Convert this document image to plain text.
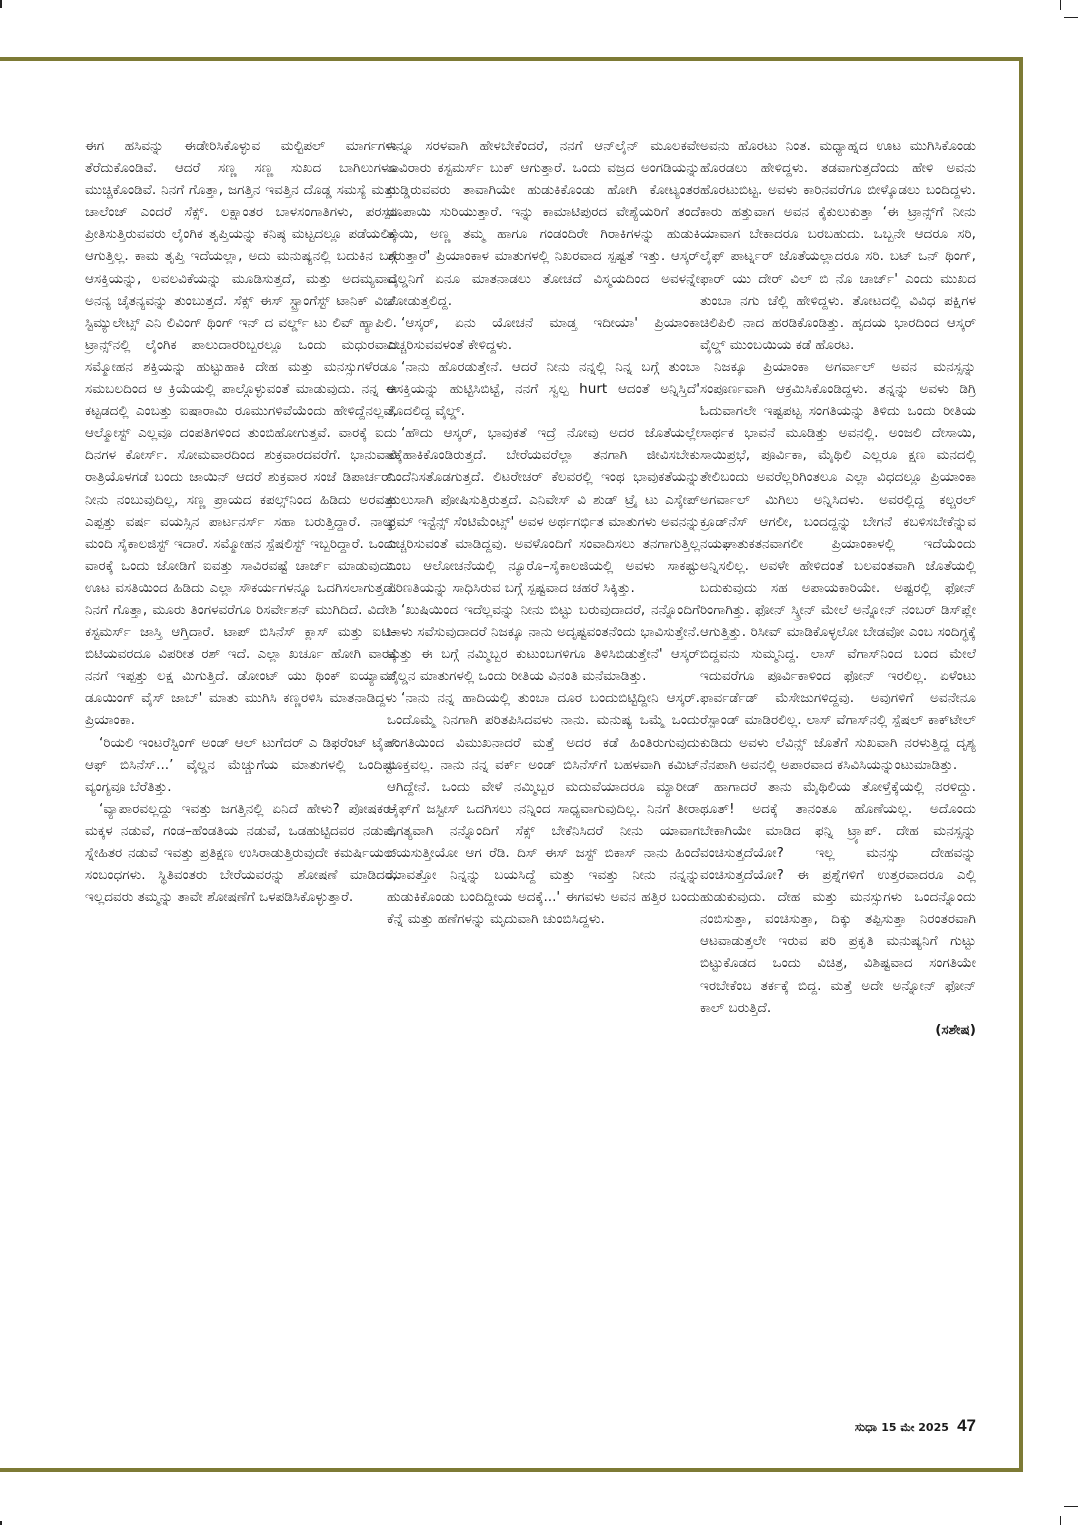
ಈಗ ಹಸಿವನ್ನು ಈಡೇರಿಸಿಕೊಳ್ಳುವ ಮಲ್ಟಿಪಲ್ ಮಾರ್ಗಗಳು ತೆರೆದುಕೊಂಡಿವೆ. ಆದರೆ ಸಣ್ಣ ಸಣ್ಣ ಸುಖದ ಬಾಗಿಲುಗಳೂ ಮುಚ್ಚಿಕೊಂಡಿವೆ. ನಿನಗೆ ಗೊತ್ತಾ, ಜಗತ್ತಿನ ಇವತ್ತಿನ ದೊಡ್ಡ ಸಮಸ್ಯೆ ಮತ್ತು ಚಾಲೆಂಜ್ ಎಂದರೆ ಸೆಕ್ಸ್. ಲಕ್ಷಾಂತರ ಬಾಳಸಂಗಾತಿಗಳು, ಪರಸ್ಪರ ಪ್ರೀತಿಸುತ್ತಿರುವವರು ಲೈಂಗಿಕ ತೃಪ್ತಿಯನ್ನು ಕನಿಷ್ಠ ಮಟ್ಟದಲ್ಲೂ ಪಡೆಯಲಿಕ್ಕೆ ಆಗುತ್ತಿಲ್ಲ. ಕಾಮ ತೃಪ್ತಿ ಇದೆಯಲ್ಲಾ, ಅದು ಮನುಷ್ಯನಲ್ಲಿ ಬದುಕಿನ ಬಗ್ಗೆ ಆಸಕ್ತಿಯನ್ನು, ಲವಲವಿಕೆಯನ್ನು ಮೂಡಿಸುತ್ತದೆ, ಮತ್ತು ಅದಮ್ಯವಾದ ಅನನ್ಯ ಚೈತನ್ಯವನ್ನು ತುಂಬುತ್ತದೆ. ಸೆಕ್ಸ್ ಈಸ್ ಸ್ಟ್ರಾಂಗೆಸ್ಟ್ ಟಾನಿಕ್ ವಿಚ್ ಸ್ಟಿಮ್ಯುಲೇಟ್ಸ್ ಎನಿ ಲಿವಿಂಗ್ ಥಿಂಗ್ ಇನ್ ದ ವರ್ಲ್ಡ್ ಟು ಲಿವ್ ಹ್ಯಾಪಿಲಿ. ಟ್ರಾನ್ಸ್‌ನಲ್ಲಿ ಲೈಂಗಿಕ ಪಾಲುದಾರರಿಬ್ಬರಲ್ಲೂ ಒಂದು ಮಧುರವಾದ ಸಮ್ಮೋಹನ ಶಕ್ತಿಯನ್ನು ಹುಟ್ಟುಹಾಕಿ ದೇಹ ಮತ್ತು ಮನಸ್ಸುಗಳೆರಡೂ ಸಮಬಲದಿಂದ ಆ ಕ್ರಿಯೆಯಲ್ಲಿ ಪಾಲ್ಗೊಳ್ಳುವಂತೆ ಮಾಡುವುದು. ನನ್ನ ಈ ಕಟ್ಟಡದಲ್ಲಿ ಎಂಬತ್ತು ಐಷಾರಾಮಿ ರೂಮುಗಳಿವೆಯೆಂದು ಹೇಳಿದ್ದೆನಲ್ಲವೆ, ಆಲ್ಮೋಸ್ಟ್ ಎಲ್ಲವೂ ದಂಪತಿಗಳಿಂದ ತುಂಬಿಹೋಗುತ್ತವೆ. ವಾರಕ್ಕೆ ಐದು ದಿನಗಳ ಕೋರ್ಸ್. ಸೋಮವಾರದಿಂದ ಶುಕ್ರವಾರದವರೆಗೆ. ಭಾನುವಾರ ರಾತ್ರಿಯೊಳಗಡೆ ಬಂದು ಜಾಯಿನ್ ಆದರೆ ಶುಕ್ರವಾರ ಸಂಜೆ ಡಿಪಾರ್ಚರ್. ನೀನು ನಂಬುವುದಿಲ್ಲ, ಸಣ್ಣ ಪ್ರಾಯದ ಕಪಲ್ಸ್‌ನಿಂದ ಹಿಡಿದು ಅರವತ್ತು ಎಪ್ಪತ್ತು ವರ್ಷ ವಯಸ್ಸಿನ ಪಾರ್ಟನರ್ಸ್ ಸಹಾ ಬರುತ್ತಿದ್ದಾರೆ. ನಾಲ್ಕು ಮಂದಿ ಸೈಕಾಲಜಿಸ್ಟ್ ಇದಾರೆ. ಸಮ್ಮೋಹನ ಸ್ಪೆಷಲಿಸ್ಟ್ ಇಬ್ಬರಿದ್ದಾರೆ. ಒಂದು ವಾರಕ್ಕೆ ಒಂದು ಜೋಡಿಗೆ ಐವತ್ತು ಸಾವಿರವಷ್ಟೆ ಚಾರ್ಜ್ ಮಾಡುವುದು. ಊಟ ವಸತಿಯಿಂದ ಹಿಡಿದು ಎಲ್ಲಾ ಸೌಕರ್ಯಗಳನ್ನೂ ಒದಗಿಸಲಾಗುತ್ತದೆ. ನಿನಗೆ ಗೊತ್ತಾ, ಮೂರು ತಿಂಗಳವರೆಗೂ ರಿಸರ್ವೇಶನ್ ಮುಗಿದಿದೆ. ವಿದೇಶಿ ಕಸ್ಟಮರ್ಸ್ ಜಾಸ್ತಿ ಆಗ್ತಿದಾರೆ. ಟಾಪ್ ಬಿಸಿನೆಸ್ ಕ್ಲಾಸ್ ಮತ್ತು ಐಟಿ–ಬಿಟಿಯವರದೂ ವಿಪರೀತ ರಶ್ ಇದೆ. ಎಲ್ಲಾ ಖರ್ಚೂ ಹೋಗಿ ವಾರಕ್ಕೆ ನನಗೆ ಇಪ್ಪತ್ತು ಲಕ್ಷ ಮಿಗುತ್ತಿದೆ. ಡೋಂಟ್ ಯು ಥಿಂಕ್ ಐಯ್ಯಾಮ್ ಡೂಯಿಂಗ್ ವೈಸ್ ಜಾಬ್' ಮಾತು ಮುಗಿಸಿ ಕಣ್ಣರಳಿಸಿ ಮಾತನಾಡಿದ್ದಳು ಪ್ರಿಯಾಂಕಾ.

‘ರಿಯಲಿ ಇಂಟರೆಸ್ಟಿಂಗ್ ಅಂಡ್ ಆಲ್ ಟುಗೆದರ್ ಎ ಡಿಫರೆಂಟ್ ಟೈಪ್ ಆಫ್ ಬಿಸಿನೆಸ್...’ ವೈಲ್ಡನ ಮೆಚ್ಚುಗೆಯ ಮಾತುಗಳಲ್ಲಿ ಒಂದಿಷ್ಟು ವ್ಯಂಗ್ಯವೂ ಬೆರೆತಿತ್ತು.

‘ವ್ಯಾಪಾರವಲ್ಲದ್ದು ಇವತ್ತು ಜಗತ್ತಿನಲ್ಲಿ ಏನಿದೆ ಹೇಳು? ಪೋಷಕರ–ಮಕ್ಕಳ ನಡುವೆ, ಗಂಡ–ಹೆಂಡತಿಯ ನಡುವೆ, ಒಡಹುಟ್ಟಿದವರ ನಡುವೆ, ಸ್ನೇಹಿತರ ನಡುವೆ ಇವತ್ತು ಪ್ರತಿಕ್ಷಣ ಉಸಿರಾಡುತ್ತಿರುವುದೇ ಕಮರ್ಷಿಯಲ್ ಸಂಬಂಧಗಳು. ಸ್ಥಿತಿವಂತರು ಬೇರೆಯವರನ್ನು ಶೋಷಣೆ ಮಾಡಿದರೆ, ಇಲ್ಲದವರು ತಮ್ಮನ್ನು ತಾವೇ ಶೋಷಣೆಗೆ ಒಳಪಡಿಸಿಕೊಳ್ಳುತ್ತಾರೆ.

ಇನ್ನೂ ಸರಳವಾಗಿ ಹೇಳಬೇಕೆಂದರೆ, ನನಗೆ ಆನ್‌ಲೈನ್ ಮೂಲಕವೇ ಸಾವಿರಾರು ಕಸ್ಟಮರ್ಸ್ ಬುಕ್ ಆಗುತ್ತಾರೆ. ಒಂದು ವಜ್ರದ ಅಂಗಡಿಯನ್ನು ದುಡ್ಡಿರುವವರು ತಾವಾಗಿಯೇ ಹುಡುಕಿಕೊಂಡು ಹೋಗಿ ಕೋಟ್ಯಂತರ ರೂಪಾಯಿ ಸುರಿಯುತ್ತಾರೆ. ಇನ್ನು ಕಾಮಾಟಿಪುರದ ವೇಶ್ಯೆಯರಿಗೆ ತಂದೆ ತಾಯಿ, ಅಣ್ಣ ತಮ್ಮ ಹಾಗೂ ಗಂಡಂದಿರೇ ಗಿರಾಕಿಗಳನ್ನು ಹುಡುಕಿ ತರುತ್ತಾರೆ' ಪ್ರಿಯಾಂಕಾಳ ಮಾತುಗಳಲ್ಲಿ ನಿಖರವಾದ ಸ್ಪಷ್ಟತೆ ಇತ್ತು. ಆಸ್ಕರ್ ವೈಲ್ಡನಿಗೆ ಏನೂ ಮಾತನಾಡಲು ತೋಚದೆ ವಿಸ್ಮಯದಿಂದ ಅವಳನ್ನೇ ನೋಡುತ್ತಲಿದ್ದ.

‘ಆಸ್ಕರ್, ಏನು ಯೋಚನೆ ಮಾಡ್ತ ಇದೀಯಾ' ಪ್ರಿಯಾಂಕಾ ಎಚ್ಚರಿಸುವವಳಂತೆ ಕೇಳಿದ್ದಳು.

‘ನಾನು ಹೊರಡುತ್ತೇನೆ. ಆದರೆ ನೀನು ನನ್ನಲ್ಲಿ ನಿನ್ನ ಬಗ್ಗೆ ತುಂಬಾ ಆಸಕ್ತಿಯನ್ನು ಹುಟ್ಟಿಸಿಬಿಟ್ಟೆ, ನನಗೆ ಸ್ವಲ್ಪ hurt ಆದಂತೆ ಅನ್ನಿಸ್ತಿದೆ' ತೊದಲಿದ್ದ ವೈಲ್ಡ್.

‘ಹೌದು ಆಸ್ಕರ್, ಭಾವುಕತೆ ಇದ್ರೆ ನೋವು ಅದರ ಜೊತೆಯಲ್ಲೇ ತೆಕ್ಕೆಹಾಕಿಕೊಂಡಿರುತ್ತದೆ. ಬೇರೆಯವರೆಲ್ಲಾ ತನಗಾಗಿ ಜೀವಿಸಬೇಕು ಎಂದೆನಿಸತೊಡಗುತ್ತದೆ. ಲಿಟರೇಚರ್ ಕೆಲವರಲ್ಲಿ ಇಂಥ ಭಾವುಕತೆಯನ್ನು ಹುಲುಸಾಗಿ ಪೋಷಿಸುತ್ತಿರುತ್ತದೆ. ಎನಿವೇಸ್ ವಿ ಶುಡ್ ಟ್ರೈ ಟು ಎಸ್ಕೇಪ್ ಫ್ರಮ್ ಇನ್ಟೆನ್ಸ್ ಸೆಂಟಿಮೆಂಟ್ಸ್' ಅವಳ ಅರ್ಥಗರ್ಭಿತ ಮಾತುಗಳು ಅವನನ್ನು ಎಚ್ಚರಿಸುವಂತೆ ಮಾಡಿದ್ದವು. ಅವಳೊಂದಿಗೆ ಸಂವಾದಿಸಲು ತನಗಾಗುತ್ತಿಲ್ಲ ಎಂಬ ಆಲೋಚನೆಯಲ್ಲಿ ನ್ಯೂರೊ–ಸೈಕಾಲಜಿಯಲ್ಲಿ ಅವಳು ಸಾಕಷ್ಟು ಪರಿಣತಿಯನ್ನು ಸಾಧಿಸಿರುವ ಬಗ್ಗೆ ಸ್ಪಷ್ಟವಾದ ಚಹರೆ ಸಿಕ್ಕಿತ್ತು.

‘ಖುಷಿಯಿಂದ ಇದೆಲ್ಲವನ್ನು ನೀನು ಬಿಟ್ಟು ಬರುವುದಾದರೆ, ನನ್ನೊಂದಿಗೆ ಬಾಳು ಸವೆಸುವುದಾದರೆ ನಿಜಕ್ಕೂ ನಾನು ಅದೃಷ್ಟವಂತನೆಂದು ಭಾವಿಸುತ್ತೇನೆ. ಮತ್ತು ಈ ಬಗ್ಗೆ ನಮ್ಮಿಬ್ಬರ ಕುಟುಂಬಗಳಿಗೂ ತಿಳಿಸಿಬಿಡುತ್ತೇನೆ' ಆಸ್ಕರ್ ವೈಲ್ಡನ ಮಾತುಗಳಲ್ಲಿ ಒಂದು ರೀತಿಯ ವಿನಂತಿ ಮನೆಮಾಡಿತ್ತು.

‘ನಾನು ನನ್ನ ಹಾದಿಯಲ್ಲಿ ತುಂಬಾ ದೂರ ಬಂದುಬಿಟ್ಟಿದ್ದೀನಿ ಆಸ್ಕರ್. ಒಂದೊಮ್ಮೆ ನಿನಗಾಗಿ ಪರಿತಪಿಸಿದವಳು ನಾನು. ಮನುಷ್ಯ ಒಮ್ಮೆ ಒಂದು ಸಂಗತಿಯಿಂದ ವಿಮುಖನಾದರೆ ಮತ್ತೆ ಅದರ ಕಡೆ ಹಿಂತಿರುಗುವುದು ಸೂಕ್ತವಲ್ಲ. ನಾನು ನನ್ನ ವರ್ಕ್ ಅಂಡ್ ಬಿಸಿನೆಸ್‌ಗೆ ಬಹಳವಾಗಿ ಕಮಿಟ್ ಆಗಿದ್ದೇನೆ. ಒಂದು ವೇಳೆ ನಮ್ಮಿಬ್ಬರ ಮದುವೆಯಾದರೂ ಮ್ಯಾರೀಡ್ ಲೈಫ್‌ಗೆ ಜಸ್ಟೀಸ್ ಒದಗಿಸಲು ನನ್ನಿಂದ ಸಾಧ್ಯವಾಗುವುದಿಲ್ಲ. ನಿನಗೆ ತೀರಾ ಅಗತ್ಯವಾಗಿ ನನ್ನೊಂದಿಗೆ ಸೆಕ್ಸ್ ಬೇಕೆನಿಸಿದರೆ ನೀನು ಯಾವಾಗ ಬಯಸುತ್ತೀಯೋ ಆಗ ರೆಡಿ. ದಿಸ್ ಈಸ್ ಜಸ್ಟ್ ಬಿಕಾಸ್ ನಾನು ಹಿಂದೆ ಯಾವತ್ತೋ ನಿನ್ನನ್ನು ಬಯಸಿದ್ದೆ ಮತ್ತು ಇವತ್ತು ನೀನು ನನ್ನನ್ನು ಹುಡುಕಿಕೊಂಡು ಬಂದಿದ್ದೀಯ ಅದಕ್ಕೆ...' ಈಗವಳು ಅವನ ಹತ್ತಿರ ಬಂದು ಕೆನ್ನೆ ಮತ್ತು ಹಣೆಗಳನ್ನು ಮೃದುವಾಗಿ ಚುಂಬಿಸಿದ್ದಳು.

ಅವನು ಹೊರಟು ನಿಂತ. ಮಧ್ಯಾಹ್ನದ ಊಟ ಮುಗಿಸಿಕೊಂಡು ಹೊರಡಲು ಹೇಳಿದ್ದಳು. ತಡವಾಗುತ್ತದೆಂದು ಹೇಳಿ ಅವನು ಹೊರಟುಬಿಟ್ಟ. ಅವಳು ಕಾರಿನವರೆಗೂ ಬೀಳ್ಕೊಡಲು ಬಂದಿದ್ದಳು. ಕಾರು ಹತ್ತುವಾಗ ಅವನ ಕೈಕುಲುಕುತ್ತಾ ‘ಈ ಟ್ರಾನ್ಸ್‌ಗೆ ನೀನು ಯಾವಾಗ ಬೇಕಾದರೂ ಬರಬಹುದು. ಒಬ್ಬನೇ ಆದರೂ ಸರಿ, ಲೈಫ್ ಪಾರ್ಟ್ನರ್ ಜೊತೆಯಲ್ಲಾದರೂ ಸರಿ. ಬಟ್ ಒನ್ ಥಿಂಗ್, ಫಾರ್ ಯು ದೇರ್ ವಿಲ್ ಬಿ ನೊ ಚಾರ್ಜ್' ಎಂದು ಮುಖದ ತುಂಬಾ ನಗು ಚೆಲ್ಲಿ ಹೇಳಿದ್ದಳು. ತೋಟದಲ್ಲಿ ವಿವಿಧ ಪಕ್ಷಿಗಳ ಚಿಲಿಪಿಲಿ ನಾದ ಹರಡಿಕೊಂಡಿತ್ತು. ಹೃದಯ ಭಾರದಿಂದ ಆಸ್ಕರ್ ವೈಲ್ಡ್ ಮುಂಬಯಿಯ ಕಡೆ ಹೊರಟ.

ನಿಜಕ್ಕೂ ಪ್ರಿಯಾಂಕಾ ಅಗರ್ವಾಲ್ ಅವನ ಮನಸ್ಸನ್ನು ಸಂಪೂರ್ಣವಾಗಿ ಆಕ್ರಮಿಸಿಕೊಂಡಿದ್ದಳು. ತನ್ನನ್ನು ಅವಳು ಡಿಗ್ರಿ ಓದುವಾಗಲೇ ಇಷ್ಟಪಟ್ಟ ಸಂಗತಿಯನ್ನು ತಿಳಿದು ಒಂದು ರೀತಿಯ ಸಾರ್ಥಕ ಭಾವನೆ ಮೂಡಿತ್ತು ಅವನಲ್ಲಿ. ಅಂಜಲಿ ದೇಸಾಯಿ, ಸಾಯಿಪ್ರಭೆ, ಪೂರ್ವಿಕಾ, ಮೈಥಿಲಿ ಎಲ್ಲರೂ ಕ್ಷಣ ಮನದಲ್ಲಿ ತೇಲಿಬಂದು ಅವರೆಲ್ಲರಿಗಿಂತಲೂ ಎಲ್ಲಾ ವಿಧದಲ್ಲೂ ಪ್ರಿಯಾಂಕಾ ಅಗರ್ವಾಲ್ ಮಿಗಿಲು ಅನ್ನಿಸಿದಳು. ಅವರಲ್ಲಿದ್ದ ಕಲ್ಚರಲ್ ಕ್ರೂಡ್‌ನೆಸ್ ಆಗಲೀ, ಬಂದದ್ದನ್ನು ಬೇಗನೆ ಕಬಳಿಸಬೇಕೆನ್ನುವ ನಯಘಾತುಕತನವಾಗಲೀ ಪ್ರಿಯಾಂಕಾಳಲ್ಲಿ ಇದೆಯೆಂದು ಅನ್ನಿಸಲಿಲ್ಲ. ಅವಳೇ ಹೇಳಿದಂತೆ ಬಲವಂತವಾಗಿ ಜೊತೆಯಲ್ಲಿ ಬದುಕುವುದು ಸಹ ಅಪಾಯಕಾರಿಯೇ. ಅಷ್ಟರಲ್ಲಿ ಫೋನ್ ರಿಂಗಾಗಿತ್ತು. ಫೋನ್ ಸ್ಕ್ರೀನ್ ಮೇಲೆ ಅನ್ನೋನ್ ನಂಬರ್ ಡಿಸ್‌ಪ್ಲೇ ಆಗುತ್ತಿತ್ತು. ರಿಸೀವ್ ಮಾಡಿಕೊಳ್ಳಲೋ ಬೇಡವೋ ಎಂಬ ಸಂದಿಗ್ಧಕ್ಕೆ ಬಿದ್ದವನು ಸುಮ್ಮನಿದ್ದ. ಲಾಸ್ ವೆಗಾಸ್‌ನಿಂದ ಬಂದ ಮೇಲೆ ಇದುವರೆಗೂ ಪೂರ್ವಿಕಾಳಿಂದ ಫೋನ್ ಇರಲಿಲ್ಲ. ಏಳೆಂಟು ಫಾರ್ವರ್ಡೆಡ್ ಮೆಸೇಜುಗಳಿದ್ದವು. ಅವುಗಳಿಗೆ ಅವನೇನೂ ರೆಸ್ಪಾಂಡ್ ಮಾಡಿರಲಿಲ್ಲ. ಲಾಸ್ ವೆಗಾಸ್‌ನಲ್ಲಿ ಸ್ಪೆಷಲ್ ಕಾಕ್‌ಟೇಲ್ ಕುಡಿದು ಅವಳು ಲೆವಿನ್ಸ್ ಜೊತೆಗೆ ಸುಖವಾಗಿ ನರಳುತ್ತಿದ್ದ ದೃಶ್ಯ ನೆನಪಾಗಿ ಅವನಲ್ಲಿ ಅಪಾರವಾದ ಕಸಿವಿಸಿಯನ್ನುಂಟುಮಾಡಿತ್ತು.

ಹಾಗಾದರೆ ತಾನು ಮೈಥಿಲಿಯ ತೋಳ್ತೆಕ್ಕೆಯಲ್ಲಿ ನರಳಿದ್ದು. ಥೂತ್! ಅದಕ್ಕೆ ತಾನಂತೂ ಹೊಣೆಯಲ್ಲ. ಅದೊಂದು ಬೇಕಾಗಿಯೇ ಮಾಡಿದ ಫನ್ನಿ ಟ್ರ್ಯಾಪ್. ದೇಹ ಮನಸ್ಸನ್ನು ವಂಚಿಸುತ್ತದೆಯೋ? ಇಲ್ಲ ಮನಸ್ಸು ದೇಹವನ್ನು ವಂಚಿಸುತ್ತದೆಯೋ? ಈ ಪ್ರಶ್ನೆಗಳಿಗೆ ಉತ್ತರವಾದರೂ ಎಲ್ಲಿ ಹುಡುಕುವುದು. ದೇಹ ಮತ್ತು ಮನಸ್ಸುಗಳು ಒಂದನ್ನೊಂದು ನಂಬಿಸುತ್ತಾ, ವಂಚಿಸುತ್ತಾ, ದಿಕ್ಕು ತಪ್ಪಿಸುತ್ತಾ ನಿರಂತರವಾಗಿ ಆಟವಾಡುತ್ತಲೇ ಇರುವ ಪರಿ ಪ್ರಕೃತಿ ಮನುಷ್ಯನಿಗೆ ಗುಟ್ಟು ಬಿಟ್ಟುಕೊಡದ ಒಂದು ವಿಚಿತ್ರ, ವಿಶಿಷ್ಟವಾದ ಸಂಗತಿಯೇ ಇರಬೇಕೆಂಬ ತರ್ಕಕ್ಕೆ ಬಿದ್ದ. ಮತ್ತೆ ಅದೇ ಅನ್ನೋನ್ ಫೋನ್ ಕಾಲ್ ಬರುತ್ತಿದೆ.

(ಸಶೇಷ)

ಸುಧಾ 15 ಮೇ 2025 47
